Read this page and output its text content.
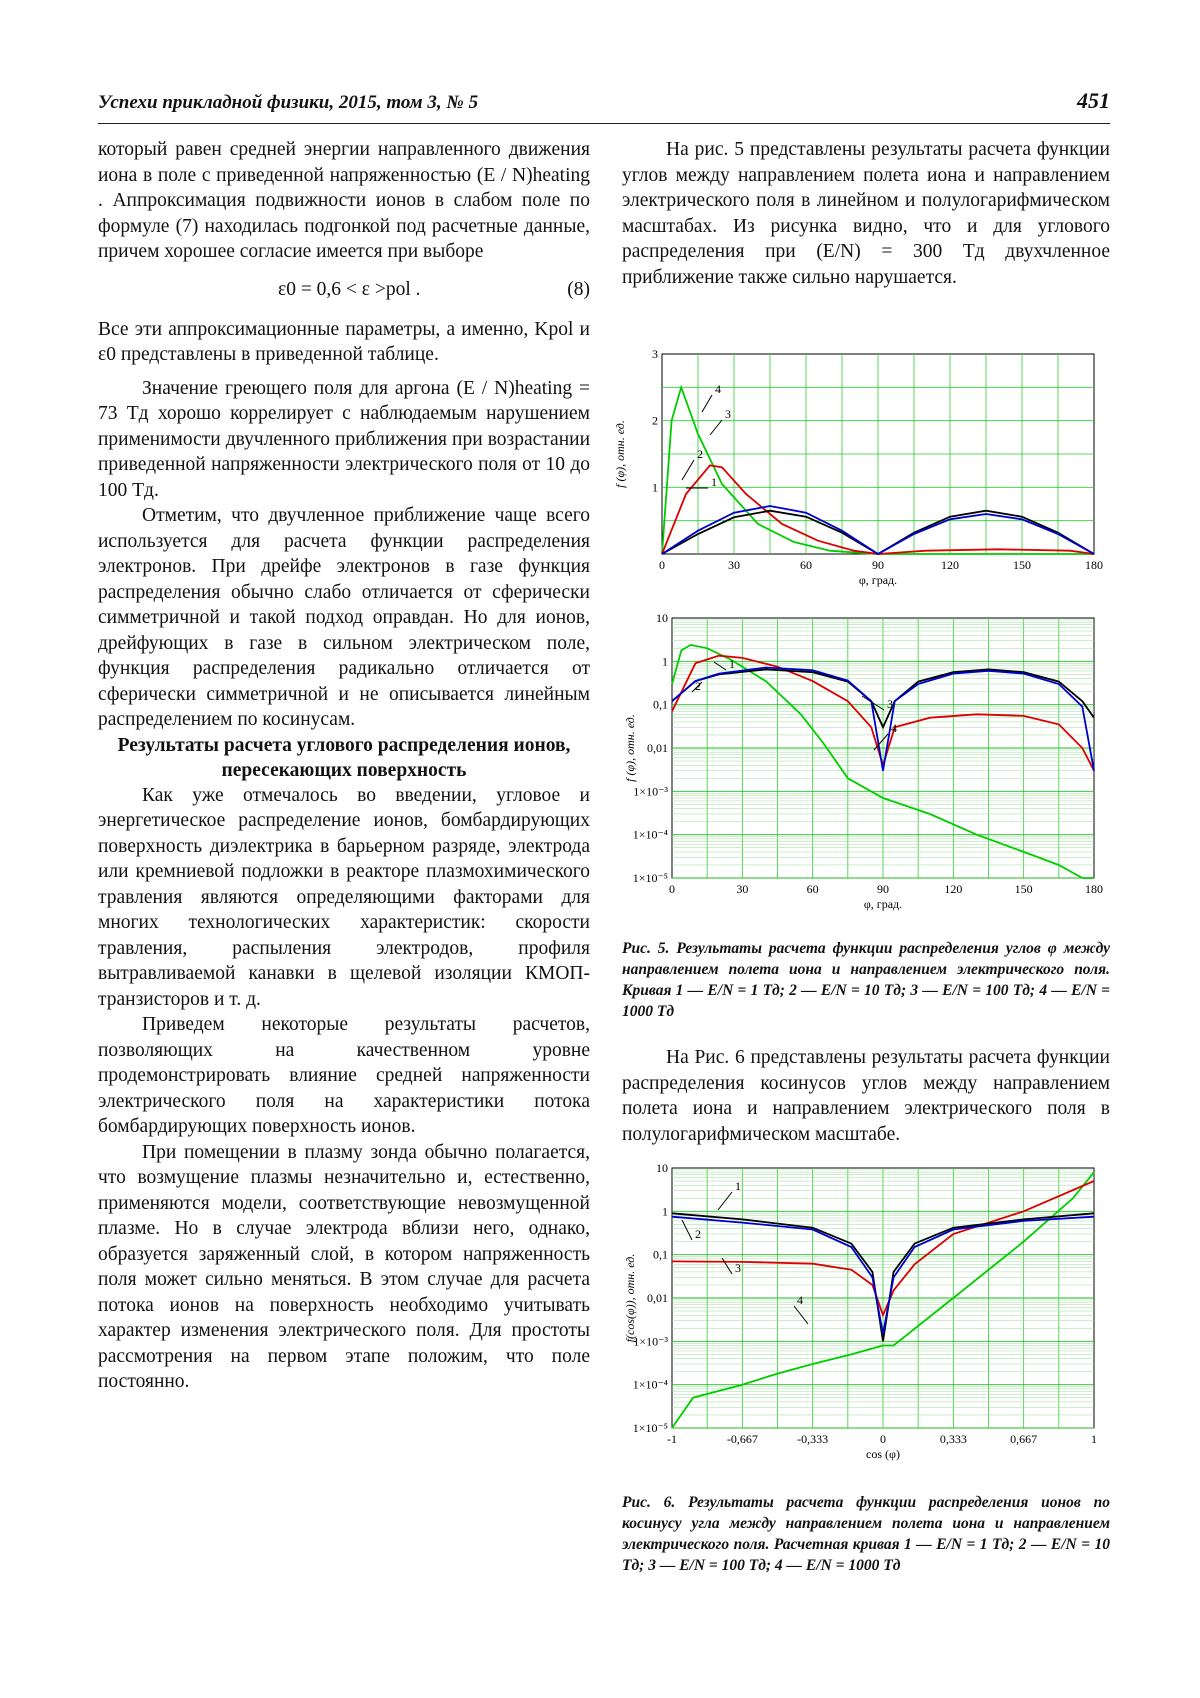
Успехи прикладной физики, 2015, том 3, № 5	451

который равен средней энергии направленного движения иона в поле с приведенной напряженностью (E / N)heating . Аппроксимация подвижности ионов в слабом поле по формуле (7) находилась подгонкой под расчетные данные, причем хорошее согласие имеется при выборе

ε0 = 0,6 < ε >pol .	(8)

Все эти аппроксимационные параметры, а именно, Kpol и ε0 представлены в приведенной таблице.

Значение греющего поля для аргона (E / N)heating = 73 Тд хорошо коррелирует с наблюдаемым нарушением применимости двучленного приближения при возрастании приведенной напряженности электрического поля от 10 до 100 Тд.

Отметим, что двучленное приближение чаще всего используется для расчета функции распределения электронов. При дрейфе электронов в газе функция распределения обычно слабо отличается от сферически симметричной и такой подход оправдан. Но для ионов, дрейфующих в газе в сильном электрическом поле, функция распределения радикально отличается от сферически симметричной и не описывается линейным распределением по косинусам.

Результаты расчета углового распределения ионов, пересекающих поверхность

Как уже отмечалось во введении, угловое и энергетическое распределение ионов, бомбардирующих поверхность диэлектрика в барьерном разряде, электрода или кремниевой подложки в реакторе плазмохимического травления являются определяющими факторами для многих технологических характеристик: скорости травления, распыления электродов, профиля вытравливаемой канавки в щелевой изоляции КМОП-транзисторов и т. д.

Приведем некоторые результаты расчетов, позволяющих на качественном уровне продемонстрировать влияние средней напряженности электрического поля на характеристики потока бомбардирующих поверхность ионов.

При помещении в плазму зонда обычно полагается, что возмущение плазмы незначительно и, естественно, применяются модели, соответствующие невозмущенной плазме. Но в случае электрода вблизи него, однако, образуется заряженный слой, в котором напряженность поля может сильно меняться. В этом случае для расчета потока ионов на поверхность необходимо учитывать характер изменения электрического поля. Для простоты рассмотрения на первом этапе положим, что поле постоянно.

На рис. 5 представлены результаты расчета функции углов между направлением полета иона и направлением электрического поля в линейном и полулогарифмическом масштабах. Из рисунка видно, что и для углового распределения при (E/N) = 300 Тд двухчленное приближение также сильно нарушается.

0	30	60	90	120	150	180
1
2
3
φ, град.
f (φ), отн. ед.	1
2
3
4
0	30	60	90	120	150	180
10
1
0,1
0,01
1×10⁻³
1×10⁻⁴
1×10⁻⁵
φ, град.
f (φ), отн. ед.
1
2
3
4
Рис. 5. Результаты расчета функции распределения углов φ между направлением полета иона и направлением электрического поля. Кривая 1 — E/N = 1 Тд; 2 — E/N = 10 Тд; 3 — E/N = 100 Тд; 4 — E/N = 1000 Тд

На Рис. 6 представлены результаты расчета функции распределения косинусов углов между направлением полета иона и направлением электрического поля в полулогарифмическом масштабе.

-1	-0,667	-0,333	0	0,333	0,667	1
10
1
0,1
0,01
1×10⁻³
1×10⁻⁴
1×10⁻⁵
cos (φ)
f(cos(φ)), отн. ед.
1
2
3
4
Рис. 6. Результаты расчета функции распределения ионов по косинусу угла между направлением полета иона и направлением электрического поля. Расчетная кривая 1 — E/N = 1 Тд; 2 — E/N = 10 Тд; 3 — E/N = 100 Тд; 4 — E/N = 1000 Тд
